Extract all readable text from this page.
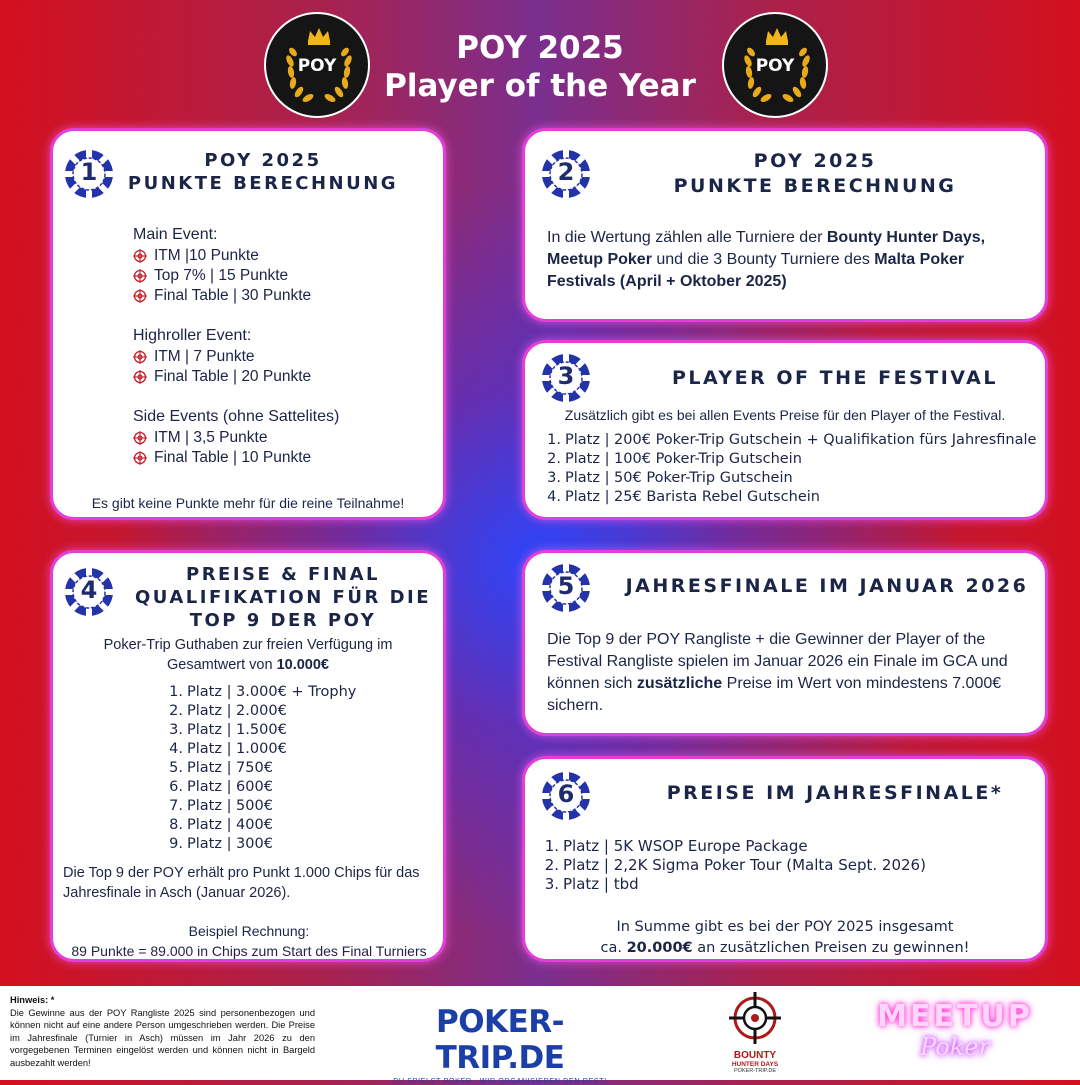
POY	POY 2025
Player of the Year
POY
1	POY 2025
PUNKTE BERECHNUNG
Main Event:
ITM |10 Punkte
Top 7% | 15 Punkte
Final Table | 30 Punkte
Highroller Event:
ITM | 7 Punkte
Final Table | 20 Punkte
Side Events (ohne Sattelites)
ITM | 3,5 Punkte
Final Table | 10 Punkte
Es gibt keine Punkte mehr für die reine Teilnahme!
2	POY 2025
PUNKTE BERECHNUNG
In die Wertung zählen alle Turniere der Bounty Hunter Days, Meetup Poker und die 3 Bounty Turniere des Malta Poker Festivals (April + Oktober 2025)
3	PLAYER OF THE FESTIVAL
Zusätzlich gibt es bei allen Events Preise für den Player of the Festival.
1. Platz | 200€ Poker-Trip Gutschein + Qualifikation fürs Jahresfinale
2. Platz | 100€ Poker-Trip Gutschein
3. Platz | 50€ Poker-Trip Gutschein
4. Platz | 25€ Barista Rebel Gutschein
4
PREISE & FINAL
QUALIFIKATION FÜR DIE
TOP 9 DER POY
Poker-Trip Guthaben zur freien Verfügung im
Gesamtwert von 10.000€
1. Platz | 3.000€ + Trophy
2. Platz | 2.000€
3. Platz | 1.500€
4. Platz | 1.000€
5. Platz | 750€
6. Platz | 600€
7. Platz | 500€
8. Platz | 400€
9. Platz | 300€
Die Top 9 der POY erhält pro Punkt 1.000 Chips für das Jahresfinale in Asch (Januar 2026).
Beispiel Rechnung:
89 Punkte = 89.000 in Chips zum Start des Final Turniers
5	JAHRESFINALE IM JANUAR 2026
Die Top 9 der POY Rangliste + die Gewinner der Player of the Festival Rangliste spielen im Januar 2026 ein Finale im GCA und können sich zusätzliche Preise im Wert von mindestens 7.000€ sichern.
6	PREISE IM JAHRESFINALE*
1. Platz | 5K WSOP Europe Package
2. Platz | 2,2K Sigma Poker Tour (Malta Sept. 2026)
3. Platz | tbd
In Summe gibt es bei der POY 2025 insgesamt
ca. 20.000€ an zusätzlichen Preisen zu gewinnen!
Hinweis: *
Die Gewinne aus der POY Rangliste 2025 sind personenbezogen und können nicht auf eine andere Person umgeschrieben werden. Die Preise im Jahresfinale (Turnier in Asch) müssen im Jahr 2026 zu den vorgegebenen Terminen eingelöst werden und können nicht in Bargeld ausbezahlt werden!
POKER-TRIP.DE
DU SPIELST POKER - WIR ORGANISIEREN DEN REST!
BOUNTY
HUNTER DAYS
POKER-TRIP.DE
MEETUP
Poker
